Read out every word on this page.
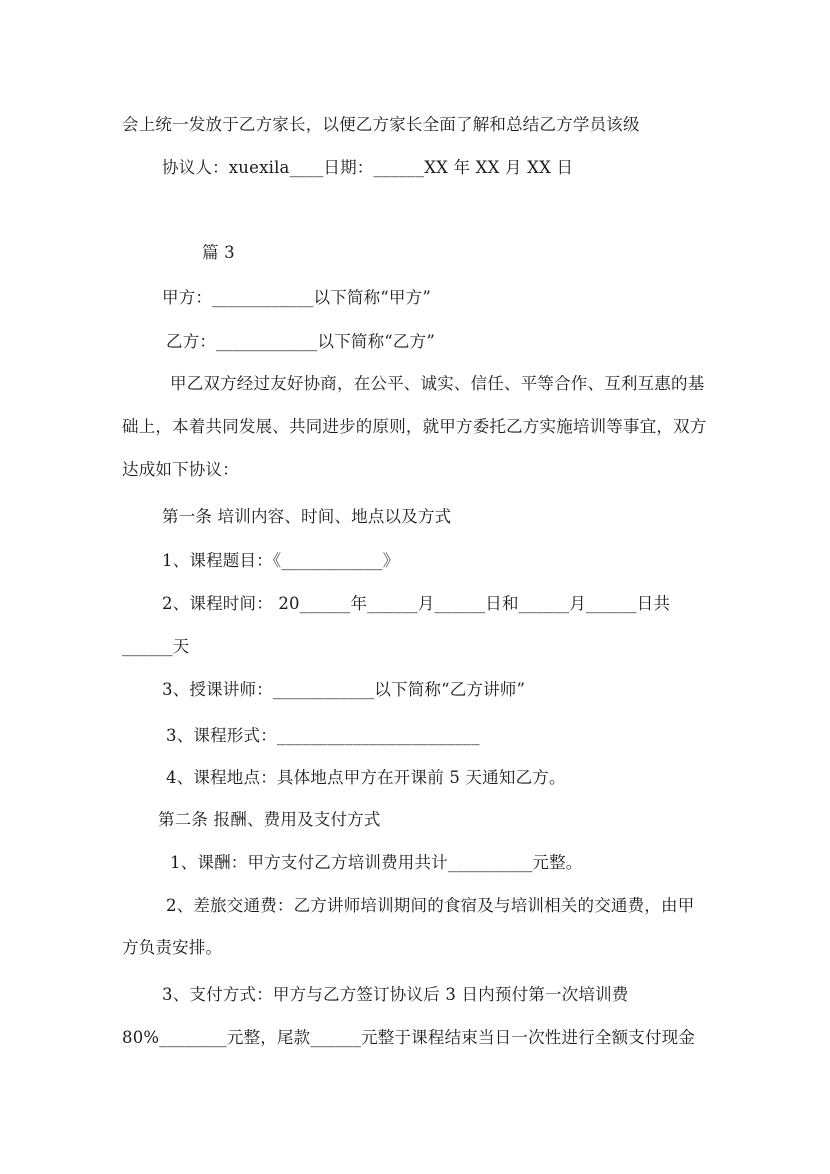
会上统一发放于乙方家长，以便乙方家长全面了解和总结乙方学员该级
协议人：xuexila____日期：______XX 年 XX 月 XX 日
篇 3
甲方：____________以下简称“甲方”
乙方：____________以下简称“乙方”
甲乙双方经过友好协商，在公平、诚实、信任、平等合作、互利互惠的基
础上，本着共同发展、共同进步的原则，就甲方委托乙方实施培训等事宜，双方
达成如下协议：
第一条 培训内容、时间、地点以及方式
1、课程题目：《____________》
2、课程时间： 20______年______月______日和______月______日共
______天
3、授课讲师：____________以下简称“乙方讲师”
3、课程形式：________________________
4、课程地点：具体地点甲方在开课前 5 天通知乙方。
第二条 报酬、费用及支付方式
1、课酬：甲方支付乙方培训费用共计__________元整。
2、差旅交通费：乙方讲师培训期间的食宿及与培训相关的交通费，由甲
方负责安排。
3、支付方式：甲方与乙方签订协议后 3 日内预付第一次培训费
80%________元整，尾款______元整于课程结束当日一次性进行全额支付现金
